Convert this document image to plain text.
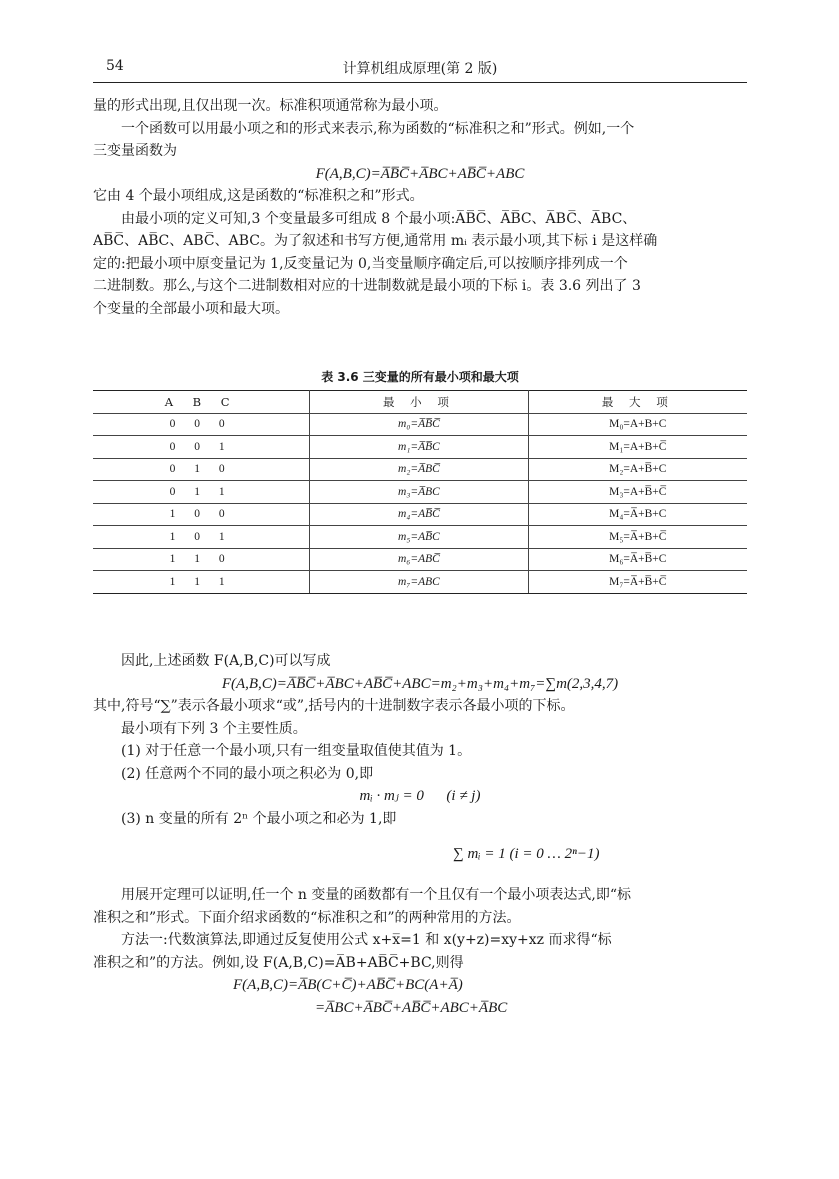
54	计算机组成原理(第 2 版)
量的形式出现,且仅出现一次。标准积项通常称为最小项。
一个函数可以用最小项之和的形式来表示,称为函数的“标准积之和”形式。例如,一个
三变量函数为
F(A,B,C)=A̅B̅C̅+A̅BC+AB̅C̅+ABC
它由 4 个最小项组成,这是函数的“标准积之和”形式。
由最小项的定义可知,3 个变量最多可组成 8 个最小项:A̅B̅C̅、A̅B̅C、A̅BC̅、A̅BC、
AB̅C̅、AB̅C、ABC̅、ABC。为了叙述和书写方便,通常用 mᵢ 表示最小项,其下标 i 是这样确
定的:把最小项中原变量记为 1,反变量记为 0,当变量顺序确定后,可以按顺序排列成一个
二进制数。那么,与这个二进制数相对应的十进制数就是最小项的下标 i。表 3.6 列出了 3
个变量的全部最小项和最大项。
表 3.6 三变量的所有最小项和最大项
A B C	最 小 项	最 大 项
0 0 0	m₀=A̅B̅C̅	M₀=A+B+C
0 0 1	m₁=A̅B̅C	M₁=A+B+C̅
0 1 0	m₂=A̅BC̅	M₂=A+B̅+C
0 1 1	m₃=A̅BC	M₃=A+B̅+C̅
1 0 0	m₄=AB̅C̅	M₄=A̅+B+C
1 0 1	m₅=AB̅C	M₅=A̅+B+C̅
1 1 0	m₆=ABC̅	M₆=A̅+B̅+C
1 1 1	m₇=ABC	M₇=A̅+B̅+C̅
因此,上述函数 F(A,B,C)可以写成
F(A,B,C)=A̅B̅C̅+A̅BC+AB̅C̅+ABC=m₂+m₃+m₄+m₇=∑m(2,3,4,7)
其中,符号“∑”表示各最小项求“或”,括号内的十进制数字表示各最小项的下标。
最小项有下列 3 个主要性质。
(1) 对于任意一个最小项,只有一组变量取值使其值为 1。
(2) 任意两个不同的最小项之积必为 0,即
mᵢ · mⱼ = 0      (i ≠ j)
(3) n 变量的所有 2ⁿ 个最小项之和必为 1,即
∑ mᵢ = 1 (i = 0 … 2ⁿ−1)
用展开定理可以证明,任一个 n 变量的函数都有一个且仅有一个最小项表达式,即“标
准积之和”形式。下面介绍求函数的“标准积之和”的两种常用的方法。
方法一:代数演算法,即通过反复使用公式 x+x̅=1 和 x(y+z)=xy+xz 而求得“标
准积之和”的方法。例如,设 F(A,B,C)=A̅B+AB̅C̅+BC,则得
F(A,B,C)=A̅B(C+C̅)+AB̅C̅+BC(A+A̅)
=A̅BC+A̅BC̅+AB̅C̅+ABC+A̅BC
